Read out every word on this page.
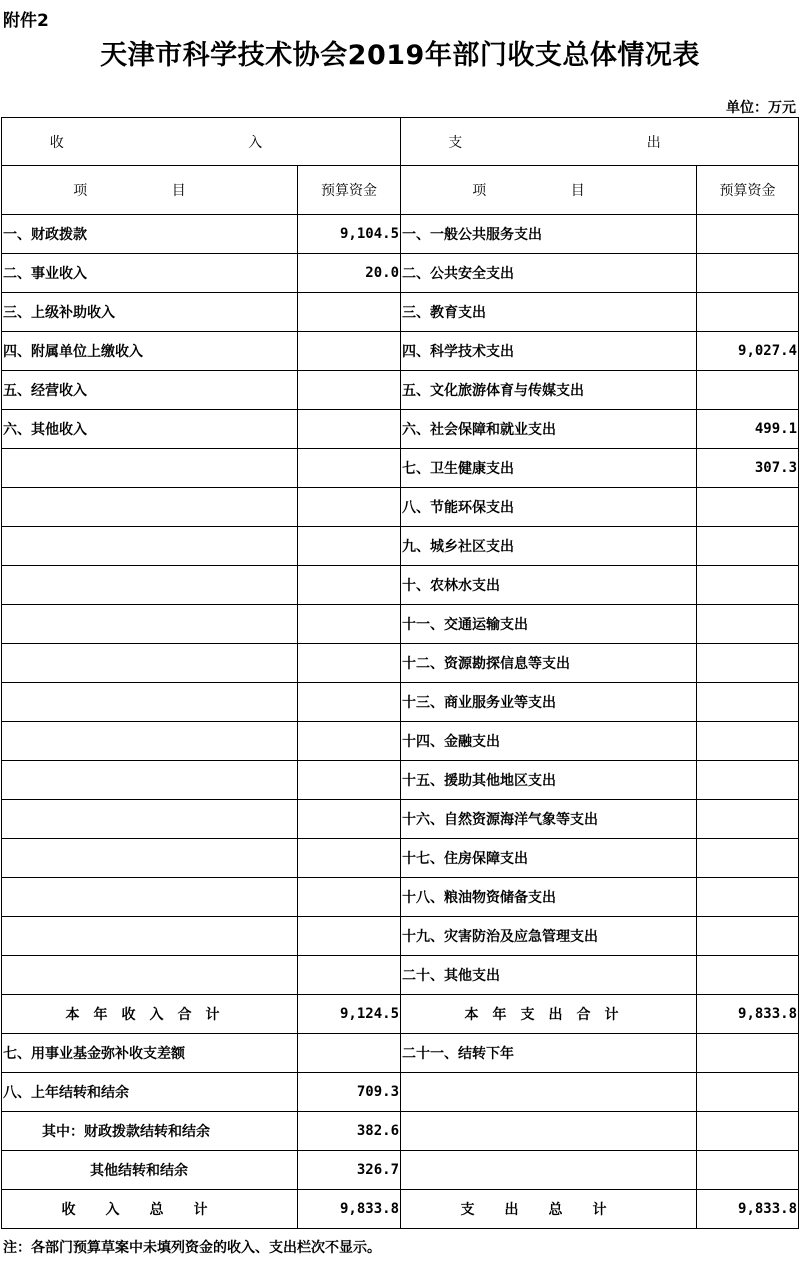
附件2
天津市科学技术协会2019年部门收支总体情况表
单位：万元
收 入		支 出	
项 目	预算资金	项 目	预算资金
一、财政拨款	9,104.5	一、一般公共服务支出	
二、事业收入	20.0	二、公共安全支出	
三、上级补助收入		三、教育支出	
四、附属单位上缴收入		四、科学技术支出	9,027.4
五、经营收入		五、文化旅游体育与传媒支出	
六、其他收入		六、社会保障和就业支出	499.1
		七、卫生健康支出	307.3
		八、节能环保支出	
		九、城乡社区支出	
		十、农林水支出	
		十一、交通运输支出	
		十二、资源勘探信息等支出	
		十三、商业服务业等支出	
		十四、金融支出	
		十五、援助其他地区支出	
		十六、自然资源海洋气象等支出	
		十七、住房保障支出	
		十八、粮油物资储备支出	
		十九、灾害防治及应急管理支出	
		二十、其他支出	
本年收入合计	9,124.5	本年支出合计	9,833.8
七、用事业基金弥补收支差额		二十一、结转下年	
八、上年结转和结余	709.3		
其中：财政拨款结转和结余	382.6		
其他结转和结余	326.7		
收入总计	9,833.8	支出总计	9,833.8
注：各部门预算草案中未填列资金的收入、支出栏次不显示。
